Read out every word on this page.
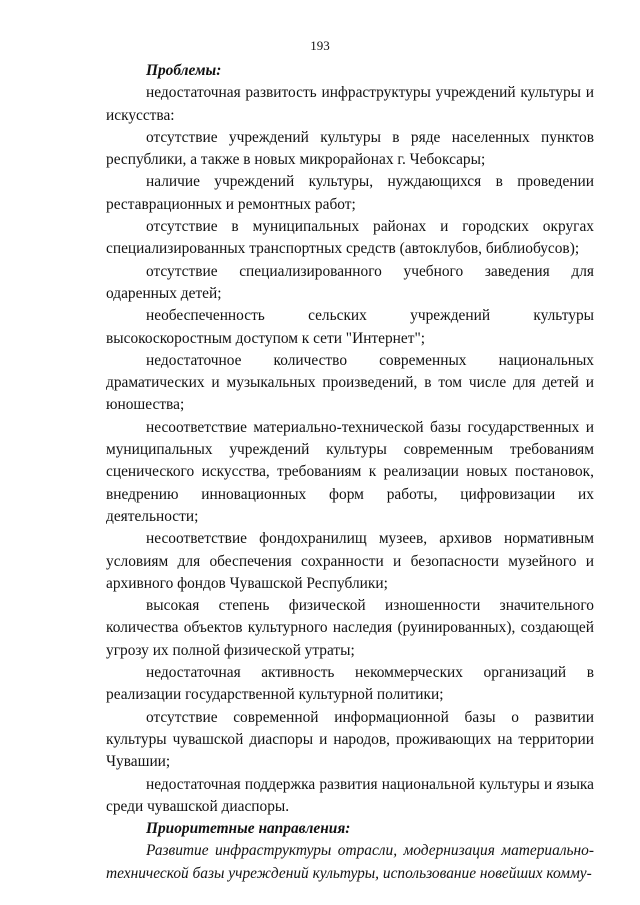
193

Проблемы:

недостаточная развитость инфраструктуры учреждений культуры и искусства:

отсутствие учреждений культуры в ряде населенных пунктов республики, а также в новых микрорайонах г. Чебоксары;

наличие учреждений культуры, нуждающихся в проведении реставрационных и ремонтных работ;

отсутствие в муниципальных районах и городских округах специализированных транспортных средств (автоклубов, библиобусов);

отсутствие специализированного учебного заведения для одаренных детей;

необеспеченность сельских учреждений культуры высокоскоростным доступом к сети "Интернет";

недостаточное количество современных национальных драматических и музыкальных произведений, в том числе для детей и юношества;

несоответствие материально-технической базы государственных и муниципальных учреждений культуры современным требованиям сценического искусства, требованиям к реализации новых постановок, внедрению инновационных форм работы, цифровизации их деятельности;

несоответствие фондохранилищ музеев, архивов нормативным условиям для обеспечения сохранности и безопасности музейного и архивного фондов Чувашской Республики;

высокая степень физической изношенности значительного количества объектов культурного наследия (руинированных), создающей угрозу их полной физической утраты;

недостаточная активность некоммерческих организаций в реализации государственной культурной политики;

отсутствие современной информационной базы о развитии культуры чувашской диаспоры и народов, проживающих на территории Чувашии;

недостаточная поддержка развития национальной культуры и языка среди чувашской диаспоры.

Приоритетные направления:

Развитие инфраструктуры отрасли, модернизация материально-технической базы учреждений культуры, использование новейших комму-
